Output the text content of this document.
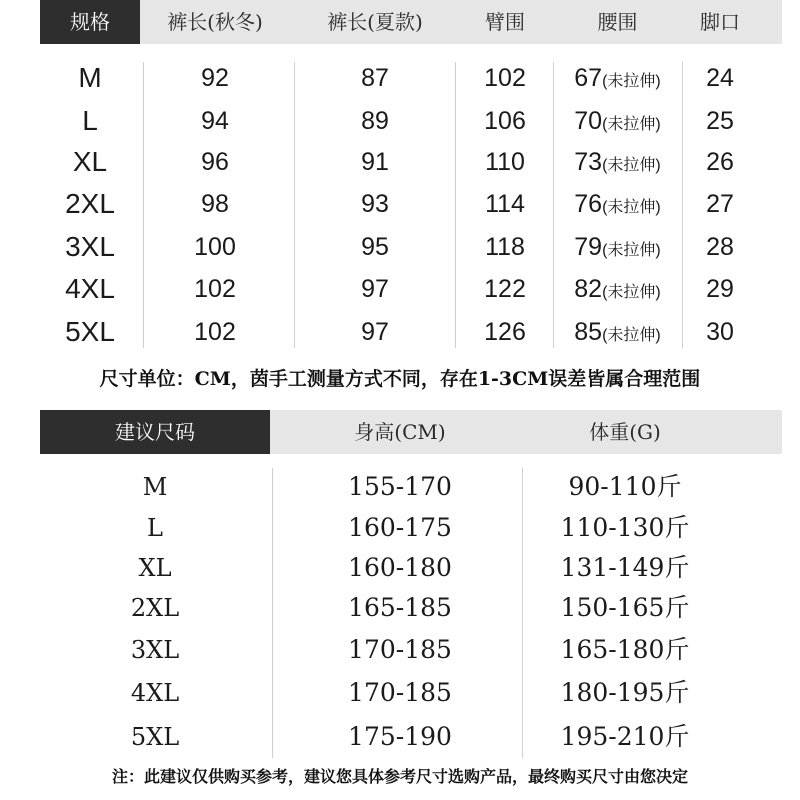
规格	裤长(秋冬)	裤长(夏款)	臂围	腰围	脚口
M	92	87	102	67(未拉伸)	24
L	94	89	106	70(未拉伸)	25
XL	96	91	110	73(未拉伸)	26
2XL	98	93	114	76(未拉伸)	27
3XL	100	95	118	79(未拉伸)	28
4XL	102	97	122	82(未拉伸)	29
5XL	102	97	126	85(未拉伸)	30
尺寸单位：CM，茵手工测量方式不同，存在1-3CM误差皆属合理范围
建议尺码	身高(CM)	体重(G)
M	155-170	90-110斤
L	160-175	110-130斤
XL	160-180	131-149斤
2XL	165-185	150-165斤
3XL	170-185	165-180斤
4XL	170-185	180-195斤
5XL	175-190	195-210斤
注：此建议仅供购买参考，建议您具体参考尺寸选购产品，最终购买尺寸由您决定
